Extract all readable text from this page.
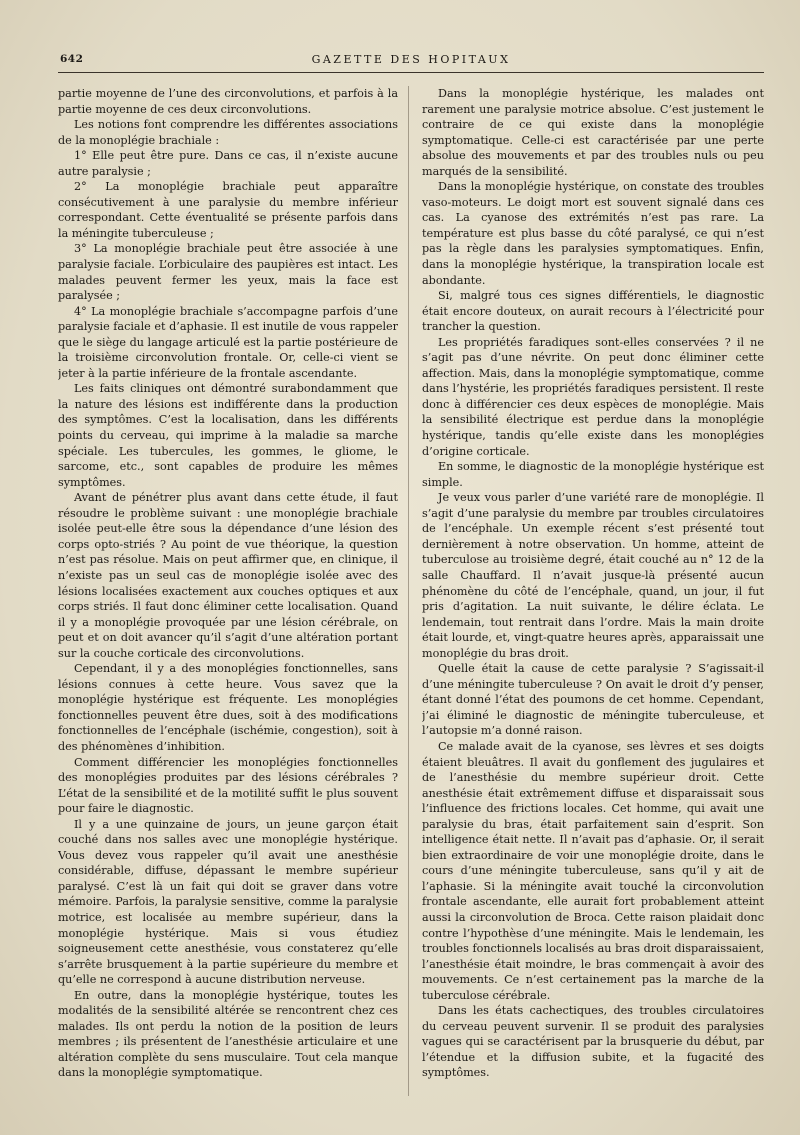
642	GAZETTE DES HOPITAUX

partie moyenne de l’une des circonvolutions, et parfois à la partie moyenne de ces deux circonvolutions.

Les notions font comprendre les différentes associations de la monoplégie brachiale :

1° Elle peut être pure. Dans ce cas, il n’existe aucune autre paralysie ;

2° La monoplégie brachiale peut apparaître consécutivement à une paralysie du membre inférieur correspondant. Cette éventualité se présente parfois dans la méningite tuberculeuse ;

3° La monoplégie brachiale peut être associée à une paralysie faciale. L’orbiculaire des paupières est intact. Les malades peuvent fermer les yeux, mais la face est paralysée ;

4° La monoplégie brachiale s’accompagne parfois d’une paralysie faciale et d’aphasie. Il est inutile de vous rappeler que le siège du langage articulé est la partie postérieure de la troisième circonvolution frontale. Or, celle-ci vient se jeter à la partie inférieure de la frontale ascendante.

Les faits cliniques ont démontré surabondamment que la nature des lésions est indifférente dans la production des symptômes. C’est la localisation, dans les différents points du cerveau, qui imprime à la maladie sa marche spéciale. Les tubercules, les gommes, le gliome, le sarcome, etc., sont capables de produire les mêmes symptômes.

Avant de pénétrer plus avant dans cette étude, il faut résoudre le problème suivant : une monoplégie brachiale isolée peut-elle être sous la dépendance d’une lésion des corps opto-striés ? Au point de vue théorique, la question n’est pas résolue. Mais on peut affirmer que, en clinique, il n’existe pas un seul cas de monoplégie isolée avec des lésions localisées exactement aux couches optiques et aux corps striés. Il faut donc éliminer cette localisation. Quand il y a monoplégie provoquée par une lésion cérébrale, on peut et on doit avancer qu’il s’agit d’une altération portant sur la couche corticale des circonvolutions.

Cependant, il y a des monoplégies fonctionnelles, sans lésions connues à cette heure. Vous savez que la monoplégie hystérique est fréquente. Les monoplégies fonctionnelles peuvent être dues, soit à des modifications fonctionnelles de l’encéphale (ischémie, congestion), soit à des phénomènes d’inhibition.

Comment différencier les monoplégies fonctionnelles des monoplégies produites par des lésions cérébrales ? L’état de la sensibilité et de la motilité suffit le plus souvent pour faire le diagnostic.

Il y a une quinzaine de jours, un jeune garçon était couché dans nos salles avec une monoplégie hystérique. Vous devez vous rappeler qu’il avait une anesthésie considérable, diffuse, dépassant le membre supérieur paralysé. C’est là un fait qui doit se graver dans votre mémoire. Parfois, la paralysie sensitive, comme la paralysie motrice, est localisée au membre supérieur, dans la monoplégie hystérique. Mais si vous étudiez soigneusement cette anesthésie, vous constaterez qu’elle s’arrête brusquement à la partie supérieure du membre et qu’elle ne correspond à aucune distribution nerveuse.

En outre, dans la monoplégie hystérique, toutes les modalités de la sensibilité altérée se rencontrent chez ces malades. Ils ont perdu la notion de la position de leurs membres ; ils présentent de l’anesthésie articulaire et une altération complète du sens musculaire. Tout cela manque dans la monoplégie symptomatique.

Dans la monoplégie hystérique, les malades ont rarement une paralysie motrice absolue. C’est justement le contraire de ce qui existe dans la monoplégie symptomatique. Celle-ci est caractérisée par une perte absolue des mouvements et par des troubles nuls ou peu marqués de la sensibilité.

Dans la monoplégie hystérique, on constate des troubles vaso-moteurs. Le doigt mort est souvent signalé dans ces cas. La cyanose des extrémités n’est pas rare. La température est plus basse du côté paralysé, ce qui n’est pas la règle dans les paralysies symptomatiques. Enfin, dans la monoplégie hystérique, la transpiration locale est abondante.

Si, malgré tous ces signes différentiels, le diagnostic était encore douteux, on aurait recours à l’électricité pour trancher la question.

Les propriétés faradiques sont-elles conservées ? il ne s’agit pas d’une névrite. On peut donc éliminer cette affection. Mais, dans la monoplégie symptomatique, comme dans l’hystérie, les propriétés faradiques persistent. Il reste donc à différencier ces deux espèces de monoplégie. Mais la sensibilité électrique est perdue dans la monoplégie hystérique, tandis qu’elle existe dans les monoplégies d’origine corticale.

En somme, le diagnostic de la monoplégie hystérique est simple.

Je veux vous parler d’une variété rare de monoplégie. Il s’agit d’une paralysie du membre par troubles circulatoires de l’encéphale. Un exemple récent s’est présenté tout dernièrement à notre observation. Un homme, atteint de tuberculose au troisième degré, était couché au n° 12 de la salle Chauffard. Il n’avait jusque-là présenté aucun phénomène du côté de l’encéphale, quand, un jour, il fut pris d’agitation. La nuit suivante, le délire éclata. Le lendemain, tout rentrait dans l’ordre. Mais la main droite était lourde, et, vingt-quatre heures après, apparaissait une monoplégie du bras droit.

Quelle était la cause de cette paralysie ? S’agissait-il d’une méningite tuberculeuse ? On avait le droit d’y penser, étant donné l’état des poumons de cet homme. Cependant, j’ai éliminé le diagnostic de méningite tuberculeuse, et l’autopsie m’a donné raison.

Ce malade avait de la cyanose, ses lèvres et ses doigts étaient bleuâtres. Il avait du gonflement des jugulaires et de l’anesthésie du membre supérieur droit. Cette anesthésie était extrêmement diffuse et disparaissait sous l’influence des frictions locales. Cet homme, qui avait une paralysie du bras, était parfaitement sain d’esprit. Son intelligence était nette. Il n’avait pas d’aphasie. Or, il serait bien extraordinaire de voir une monoplégie droite, dans le cours d’une méningite tuberculeuse, sans qu’il y ait de l’aphasie. Si la méningite avait touché la circonvolution frontale ascendante, elle aurait fort probablement atteint aussi la circonvolution de Broca. Cette raison plaidait donc contre l’hypothèse d’une méningite. Mais le lendemain, les troubles fonctionnels localisés au bras droit disparaissaient, l’anesthésie était moindre, le bras commençait à avoir des mouvements. Ce n’est certainement pas la marche de la tuberculose cérébrale.

Dans les états cachectiques, des troubles circulatoires du cerveau peuvent survenir. Il se produit des paralysies vagues qui se caractérisent par la brusquerie du début, par l’étendue et la diffusion subite, et la fugacité des symptômes.
